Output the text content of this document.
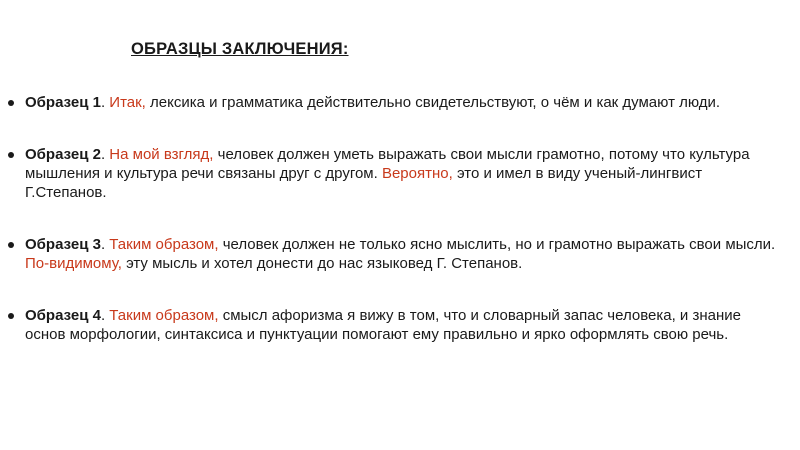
ОБРАЗЦЫ ЗАКЛЮЧЕНИЯ:
Образец 1. Итак, лексика и грамматика действительно свидетельствуют, о чём и как думают люди.
Образец 2. На мой взгляд, человек должен уметь выражать свои мысли грамотно, потому что культура мышления и культура речи связаны друг с другом. Вероятно, это и имел в виду ученый-лингвист Г.Степанов.
Образец 3. Таким образом, человек должен не только ясно мыслить, но и грамотно выражать свои мысли. По-видимому, эту мысль и хотел донести до нас языковед Г. Степанов.
Образец 4. Таким образом, смысл афоризма я вижу в том, что и словарный запас человека, и знание основ морфологии, синтаксиса и пунктуации помогают ему правильно и ярко оформлять свою речь.
